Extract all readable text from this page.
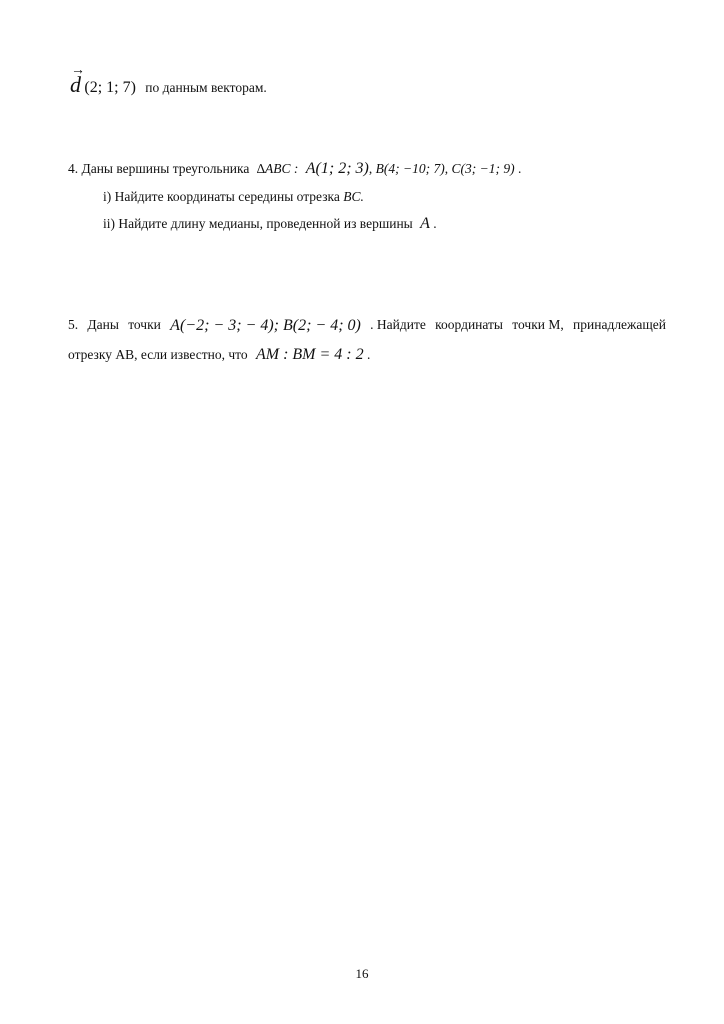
→
d (2; 1; 7) по данным векторам.
4. Даны вершины треугольника ∆ABC : A(1; 2; 3), B(4; −10; 7), C(3; −1; 9) .
i) Найдите координаты середины отрезка BC.
ii) Найдите длину медианы, проведенной из вершины A .
5. Даны точки A(−2; − 3; − 4); B(2; − 4; 0) . Найдите координаты точки M, принадлежащей
отрезку AB, если известно, что AM : BM = 4 : 2 .
16
